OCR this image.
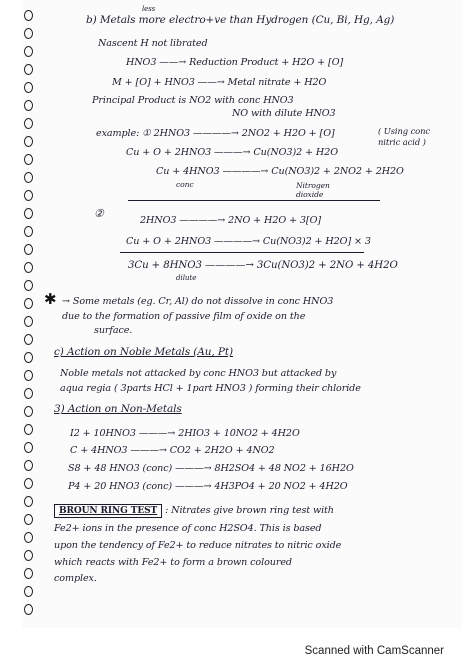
less
b) Metals more electro+ve than Hydrogen (Cu, Bi, Hg, Ag)
Nascent H not librated
HNO3 ——→ Reduction Product + H2O + [O]
M + [O] + HNO3 ——→ Metal nitrate + H2O
Principal Product is NO2 with conc HNO3
NO with dilute HNO3
example: ① 2HNO3 ————→ 2NO2 + H2O + [O]	( Using conc nitric acid )
Cu + O + 2HNO3 ———→ Cu(NO3)2 + H2O
Cu + 4HNO3 ————→ Cu(NO3)2 + 2NO2 + 2H2O
conc	Nitrogen dioxide
②
2HNO3 ————→ 2NO + H2O + 3[O]
Cu + O + 2HNO3 ————→ Cu(NO3)2 + H2O] × 3
3Cu + 8HNO3 ————→ 3Cu(NO3)2 + 2NO + 4H2O
dilute
✱ → Some metals (eg. Cr, Al) do not dissolve in conc HNO3
due to the formation of passive film of oxide on the
surface.
c) Action on Noble Metals (Au, Pt)
Noble metals not attacked by conc HNO3 but attacked by
aqua regia ( 3parts HCl + 1part HNO3 ) forming their chloride
3) Action on Non-Metals
I2 + 10HNO3 ———→ 2HIO3 + 10NO2 + 4H2O
C + 4HNO3 ———→ CO2 + 2H2O + 4NO2
S8 + 48 HNO3 (conc) ———→ 8H2SO4 + 48 NO2 + 16H2O
P4 + 20 HNO3 (conc) ———→ 4H3PO4 + 20 NO2 + 4H2O
BROUN RING TEST : Nitrates give brown ring test with
Fe2+ ions in the presence of conc H2SO4. This is based
upon the tendency of Fe2+ to reduce nitrates to nitric oxide
which reacts with Fe2+ to form a brown coloured
complex.
Scanned with CamScanner
